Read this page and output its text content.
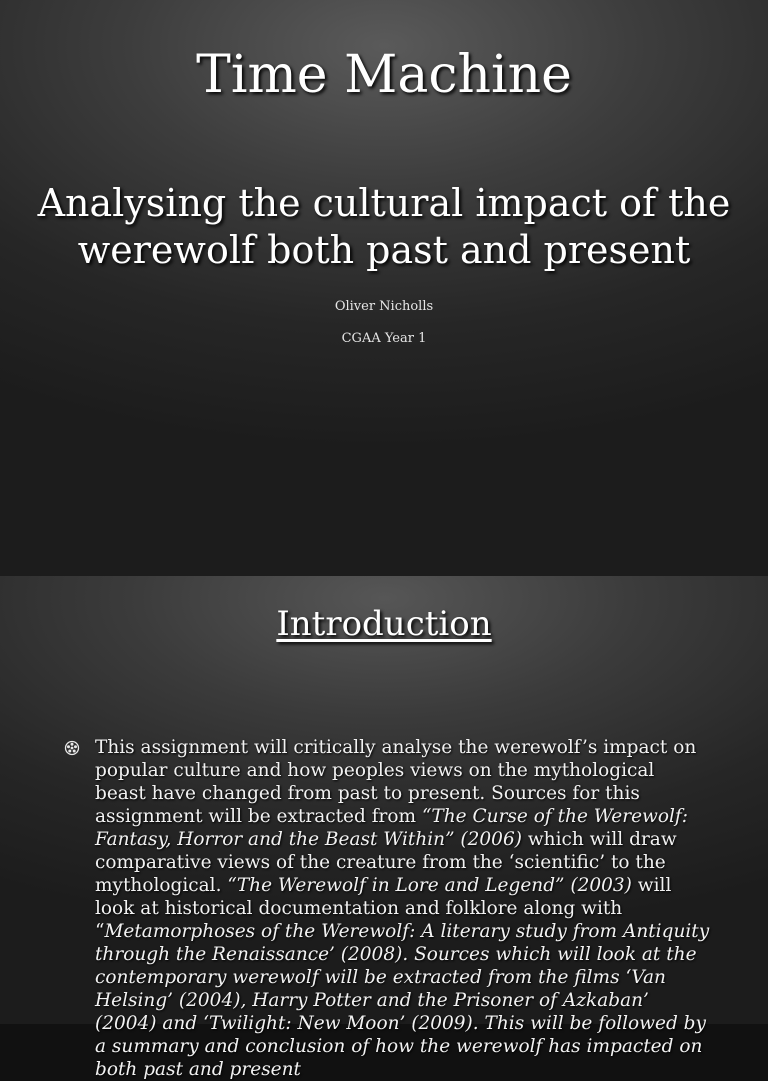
Time Machine
Analysing the cultural impact of the werewolf both past and present
Oliver Nicholls
CGAA Year 1
Introduction
This assignment will critically analyse the werewolf’s impact on popular culture and how peoples views on the mythological beast have changed from past to present. Sources for this assignment will be extracted from “The Curse of the Werewolf: Fantasy, Horror and the Beast Within” (2006) which will draw comparative views of the creature from the ‘scientific’ to the mythological. “The Werewolf in Lore and Legend” (2003) will look at historical documentation and folklore along with “Metamorphoses of the Werewolf: A literary study from Antiquity through the Renaissance’ (2008). Sources which will look at the contemporary werewolf will be extracted from the films ‘Van Helsing’ (2004), Harry Potter and the Prisoner of Azkaban’ (2004) and ‘Twilight: New Moon’ (2009). This will be followed by a summary and conclusion of how the werewolf has impacted on both past and present
